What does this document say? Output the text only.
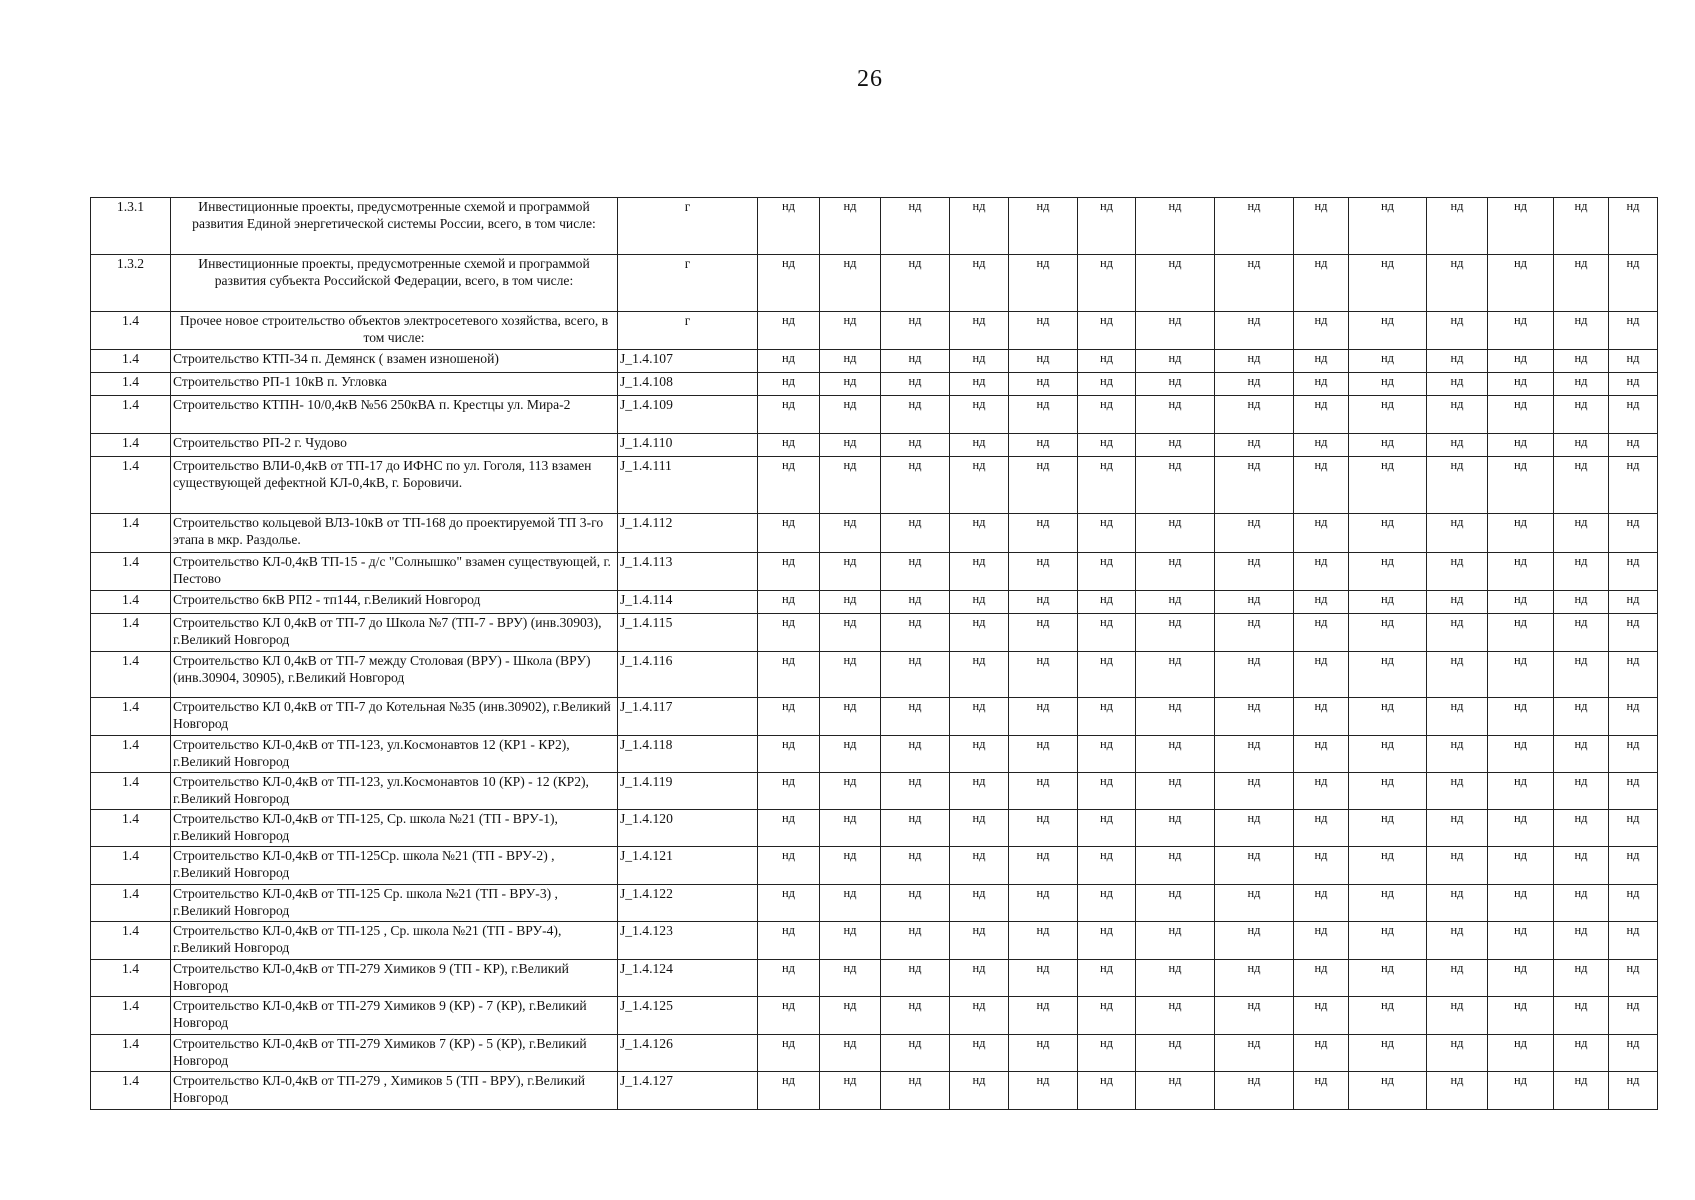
26
1.3.1	Инвестиционные проекты, предусмотренные схемой и программой развития Единой энергетической системы России, всего, в том числе:	г	нд	нд	нд	нд	нд	нд	нд	нд	нд	нд	нд	нд	нд	нд
1.3.2	Инвестиционные проекты, предусмотренные схемой и программой развития субъекта Российской Федерации, всего, в том числе:	г	нд	нд	нд	нд	нд	нд	нд	нд	нд	нд	нд	нд	нд	нд
1.4	Прочее новое строительство объектов электросетевого хозяйства, всего, в том числе:	г	нд	нд	нд	нд	нд	нд	нд	нд	нд	нд	нд	нд	нд	нд
1.4	Строительство КТП-34 п. Демянск ( взамен изношеной)	J_1.4.107	нд	нд	нд	нд	нд	нд	нд	нд	нд	нд	нд	нд	нд	нд
1.4	Строительство РП-1 10кВ п. Угловка	J_1.4.108	нд	нд	нд	нд	нд	нд	нд	нд	нд	нд	нд	нд	нд	нд
1.4	Строительство КТПН- 10/0,4кВ №56 250кВА п. Крестцы ул. Мира-2	J_1.4.109	нд	нд	нд	нд	нд	нд	нд	нд	нд	нд	нд	нд	нд	нд
1.4	Строительство РП-2 г. Чудово	J_1.4.110	нд	нд	нд	нд	нд	нд	нд	нд	нд	нд	нд	нд	нд	нд
1.4	Строительство ВЛИ-0,4кВ от ТП-17 до ИФНС по ул. Гоголя, 113 взамен существующей дефектной КЛ-0,4кВ, г. Боровичи.	J_1.4.111	нд	нд	нд	нд	нд	нд	нд	нд	нд	нд	нд	нд	нд	нд
1.4	Строительство кольцевой ВЛЗ-10кВ от ТП-168 до проектируемой ТП 3-го этапа в мкр. Раздолье.	J_1.4.112	нд	нд	нд	нд	нд	нд	нд	нд	нд	нд	нд	нд	нд	нд
1.4	Строительство КЛ-0,4кВ ТП-15 - д/с "Солнышко" взамен существующей, г. Пестово	J_1.4.113	нд	нд	нд	нд	нд	нд	нд	нд	нд	нд	нд	нд	нд	нд
1.4	Строительство 6кВ РП2 - тп144, г.Великий Новгород	J_1.4.114	нд	нд	нд	нд	нд	нд	нд	нд	нд	нд	нд	нд	нд	нд
1.4	Строительство КЛ 0,4кВ от ТП-7 до Школа №7 (ТП-7 - ВРУ) (инв.30903), г.Великий Новгород	J_1.4.115	нд	нд	нд	нд	нд	нд	нд	нд	нд	нд	нд	нд	нд	нд
1.4	Строительство КЛ 0,4кВ от ТП-7 между Столовая (ВРУ) - Школа (ВРУ) (инв.30904, 30905), г.Великий Новгород	J_1.4.116	нд	нд	нд	нд	нд	нд	нд	нд	нд	нд	нд	нд	нд	нд
1.4	Строительство КЛ 0,4кВ от ТП-7 до Котельная №35 (инв.30902), г.Великий Новгород	J_1.4.117	нд	нд	нд	нд	нд	нд	нд	нд	нд	нд	нд	нд	нд	нд
1.4	Строительство КЛ-0,4кВ от ТП-123, ул.Космонавтов 12 (КР1 - КР2), г.Великий Новгород	J_1.4.118	нд	нд	нд	нд	нд	нд	нд	нд	нд	нд	нд	нд	нд	нд
1.4	Строительство КЛ-0,4кВ от ТП-123, ул.Космонавтов 10 (КР) - 12 (КР2), г.Великий Новгород	J_1.4.119	нд	нд	нд	нд	нд	нд	нд	нд	нд	нд	нд	нд	нд	нд
1.4	Строительство КЛ-0,4кВ от ТП-125, Ср. школа №21 (ТП - ВРУ-1), г.Великий Новгород	J_1.4.120	нд	нд	нд	нд	нд	нд	нд	нд	нд	нд	нд	нд	нд	нд
1.4	Строительство КЛ-0,4кВ от ТП-125Ср. школа №21 (ТП - ВРУ-2) , г.Великий Новгород	J_1.4.121	нд	нд	нд	нд	нд	нд	нд	нд	нд	нд	нд	нд	нд	нд
1.4	Строительство КЛ-0,4кВ от ТП-125 Ср. школа №21 (ТП - ВРУ-3) , г.Великий Новгород	J_1.4.122	нд	нд	нд	нд	нд	нд	нд	нд	нд	нд	нд	нд	нд	нд
1.4	Строительство КЛ-0,4кВ от ТП-125 , Ср. школа №21 (ТП - ВРУ-4), г.Великий Новгород	J_1.4.123	нд	нд	нд	нд	нд	нд	нд	нд	нд	нд	нд	нд	нд	нд
1.4	Строительство КЛ-0,4кВ от ТП-279 Химиков 9 (ТП - КР), г.Великий Новгород	J_1.4.124	нд	нд	нд	нд	нд	нд	нд	нд	нд	нд	нд	нд	нд	нд
1.4	Строительство КЛ-0,4кВ от ТП-279 Химиков 9 (КР) - 7 (КР), г.Великий Новгород	J_1.4.125	нд	нд	нд	нд	нд	нд	нд	нд	нд	нд	нд	нд	нд	нд
1.4	Строительство КЛ-0,4кВ от ТП-279 Химиков 7 (КР) - 5 (КР), г.Великий Новгород	J_1.4.126	нд	нд	нд	нд	нд	нд	нд	нд	нд	нд	нд	нд	нд	нд
1.4	Строительство КЛ-0,4кВ от ТП-279 , Химиков 5 (ТП - ВРУ), г.Великий Новгород	J_1.4.127	нд	нд	нд	нд	нд	нд	нд	нд	нд	нд	нд	нд	нд	нд
